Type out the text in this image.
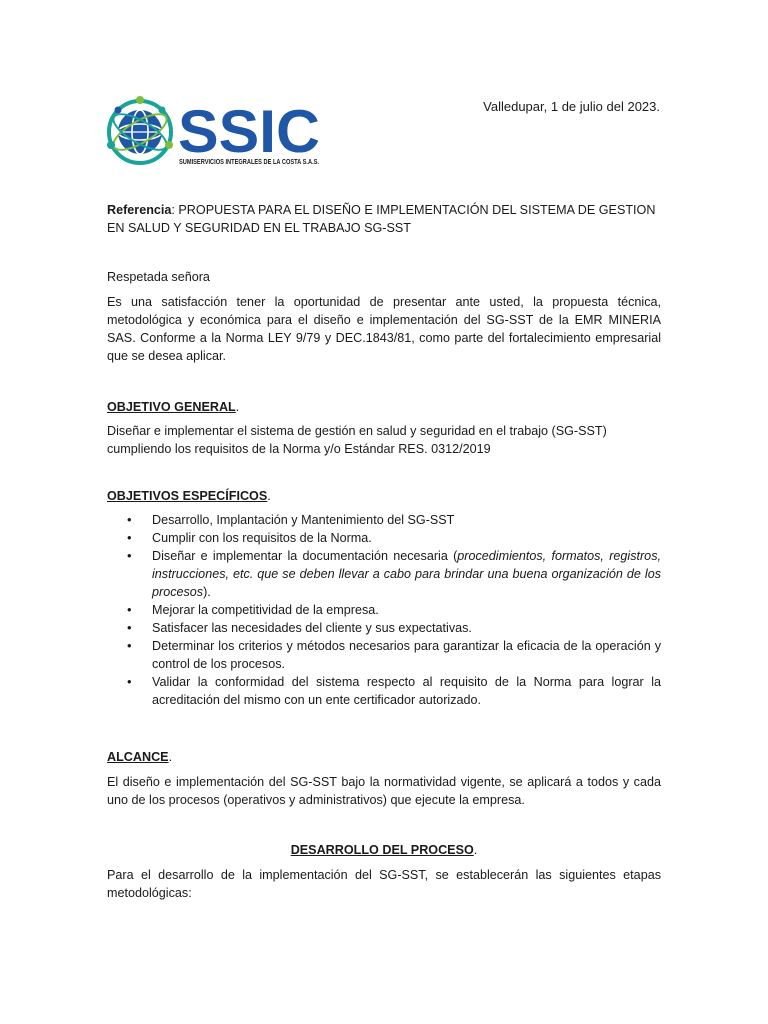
SSIC
SUMISERVICIOS INTEGRALES DE LA COSTA S.A.S.
Valledupar, 1 de julio del 2023.
Referencia: PROPUESTA PARA EL DISEÑO E IMPLEMENTACIÓN DEL SISTEMA DE GESTION EN SALUD Y SEGURIDAD EN EL TRABAJO SG-SST
Respetada señora
Es una satisfacción tener la oportunidad de presentar ante usted, la propuesta técnica, metodológica y económica para el diseño e implementación del SG-SST de la EMR MINERIA SAS. Conforme a la Norma LEY 9/79 y DEC.1843/81, como parte del fortalecimiento empresarial que se desea aplicar.
OBJETIVO GENERAL.
Diseñar e implementar el sistema de gestión en salud y seguridad en el trabajo (SG-SST) cumpliendo los requisitos de la Norma y/o Estándar RES. 0312/2019
OBJETIVOS ESPECÍFICOS.
• Desarrollo, Implantación y Mantenimiento del SG-SST
• Cumplir con los requisitos de la Norma.
• Diseñar e implementar la documentación necesaria (procedimientos, formatos, registros, instrucciones, etc. que se deben llevar a cabo para brindar una buena organización de los procesos).
• Mejorar la competitividad de la empresa.
• Satisfacer las necesidades del cliente y sus expectativas.
• Determinar los criterios y métodos necesarios para garantizar la eficacia de la operación y control de los procesos.
• Validar la conformidad del sistema respecto al requisito de la Norma para lograr la acreditación del mismo con un ente certificador autorizado.
ALCANCE.
El diseño e implementación del SG-SST bajo la normatividad vigente, se aplicará a todos y cada uno de los procesos (operativos y administrativos) que ejecute la empresa.
DESARROLLO DEL PROCESO.
Para el desarrollo de la implementación del SG-SST, se establecerán las siguientes etapas metodológicas:
